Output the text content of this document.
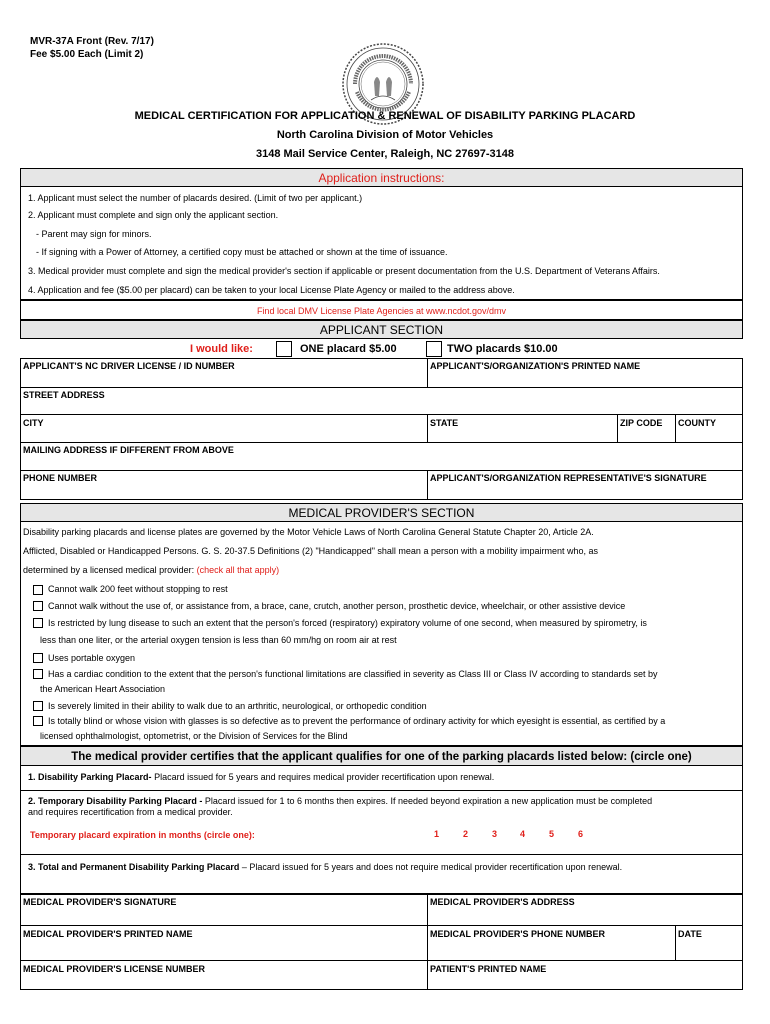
MVR-37A Front (Rev. 7/17)
Fee $5.00 Each (Limit 2)
MEDICAL CERTIFICATION FOR APPLICATION & RENEWAL OF DISABILITY PARKING PLACARD
North Carolina Division of Motor Vehicles
3148 Mail Service Center, Raleigh, NC 27697-3148
Application instructions:
1. Applicant must select the number of placards desired. (Limit of two per applicant.)
2. Applicant must complete and sign only the applicant section.
- Parent may sign for minors.
- If signing with a Power of Attorney, a certified copy must be attached or shown at the time of issuance.
3. Medical provider must complete and sign the medical provider's section if applicable or present documentation from the U.S. Department of Veterans Affairs.
4. Application and fee ($5.00 per placard) can be taken to your local License Plate Agency or mailed to the address above.
Find local DMV License Plate Agencies at www.ncdot.gov/dmv
APPLICANT SECTION
I would like:	ONE placard $5.00	TWO placards $10.00
APPLICANT'S NC DRIVER LICENSE / ID NUMBER	APPLICANT'S/ORGANIZATION'S PRINTED NAME
STREET ADDRESS
CITY	STATE	ZIP CODE COUNTY
MAILING ADDRESS IF DIFFERENT FROM ABOVE
PHONE NUMBER	APPLICANT'S/ORGANIZATION REPRESENTATIVE'S SIGNATURE
MEDICAL PROVIDER'S SECTION
Disability parking placards and license plates are governed by the Motor Vehicle Laws of North Carolina General Statute Chapter 20, Article 2A.
Afflicted, Disabled or Handicapped Persons. G. S. 20-37.5 Definitions (2) "Handicapped" shall mean a person with a mobility impairment who, as
determined by a licensed medical provider: (check all that apply)
Cannot walk 200 feet without stopping to rest
Cannot walk without the use of, or assistance from, a brace, cane, crutch, another person, prosthetic device, wheelchair, or other assistive device
Is restricted by lung disease to such an extent that the person's forced (respiratory) expiratory volume of one second, when measured by spirometry, is
less than one liter, or the arterial oxygen tension is less than 60 mm/hg on room air at rest
Uses portable oxygen
Has a cardiac condition to the extent that the person's functional limitations are classified in severity as Class III or Class IV according to standards set by
the American Heart Association
Is severely limited in their ability to walk due to an arthritic, neurological, or orthopedic condition
Is totally blind or whose vision with glasses is so defective as to prevent the performance of ordinary activity for which eyesight is essential, as certified by a
licensed ophthalmologist, optometrist, or the Division of Services for the Blind
The medical provider certifies that the applicant qualifies for one of the parking placards listed below: (circle one)
1. Disability Parking Placard- Placard issued for 5 years and requires medical provider recertification upon renewal.
2. Temporary Disability Parking Placard - Placard issued for 1 to 6 months then expires. If needed beyond expiration a new application must be completed
and requires recertification from a medical provider.
Temporary placard expiration in months (circle one):	1	2	3	4	5	6
3. Total and Permanent Disability Parking Placard – Placard issued for 5 years and does not require medical provider recertification upon renewal.
MEDICAL PROVIDER'S SIGNATURE	MEDICAL PROVIDER'S ADDRESS
MEDICAL PROVIDER'S PRINTED NAME	MEDICAL PROVIDER'S PHONE NUMBER	DATE
MEDICAL PROVIDER'S LICENSE NUMBER	PATIENT'S PRINTED NAME
